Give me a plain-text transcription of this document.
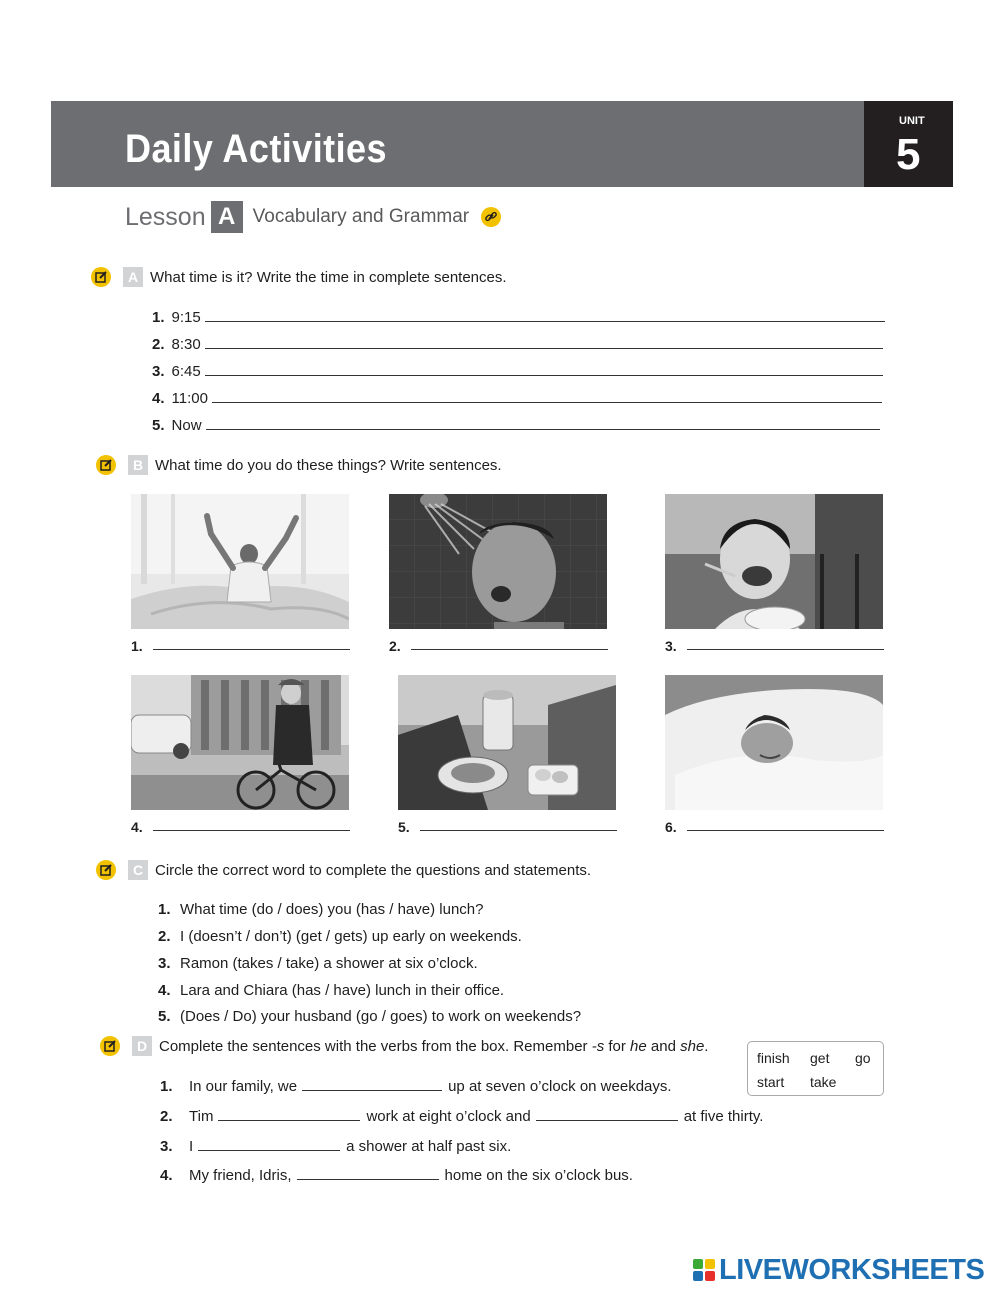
Daily Activities
UNIT
5
Lesson A Vocabulary and Grammar
A What time is it? Write the time in complete sentences.
1. 9:15
2. 8:30
3. 6:45
4. 11:00
5. Now
B What time do you do these things? Write sentences.
1.	2.	3.
4.	5.	6.
C Circle the correct word to complete the questions and statements.
1. What time (do / does) you (has / have) lunch?
2. I (doesn’t / don’t) (get / gets) up early on weekends.
3. Ramon (takes / take) a shower at six o’clock.
4. Lara and Chiara (has / have) lunch in their office.
5. (Does / Do) your husband (go / goes) to work on weekends?
D Complete the sentences with the verbs from the box. Remember -s for he and she.
finish get go
start take
1.	In our family, we	up at seven o’clock on weekdays.
2.	Tim	work at eight o’clock and	at five thirty.
3.	I	a shower at half past six.
4.	My friend, Idris,	home on the six o’clock bus.
LIVEWORKSHEETS
